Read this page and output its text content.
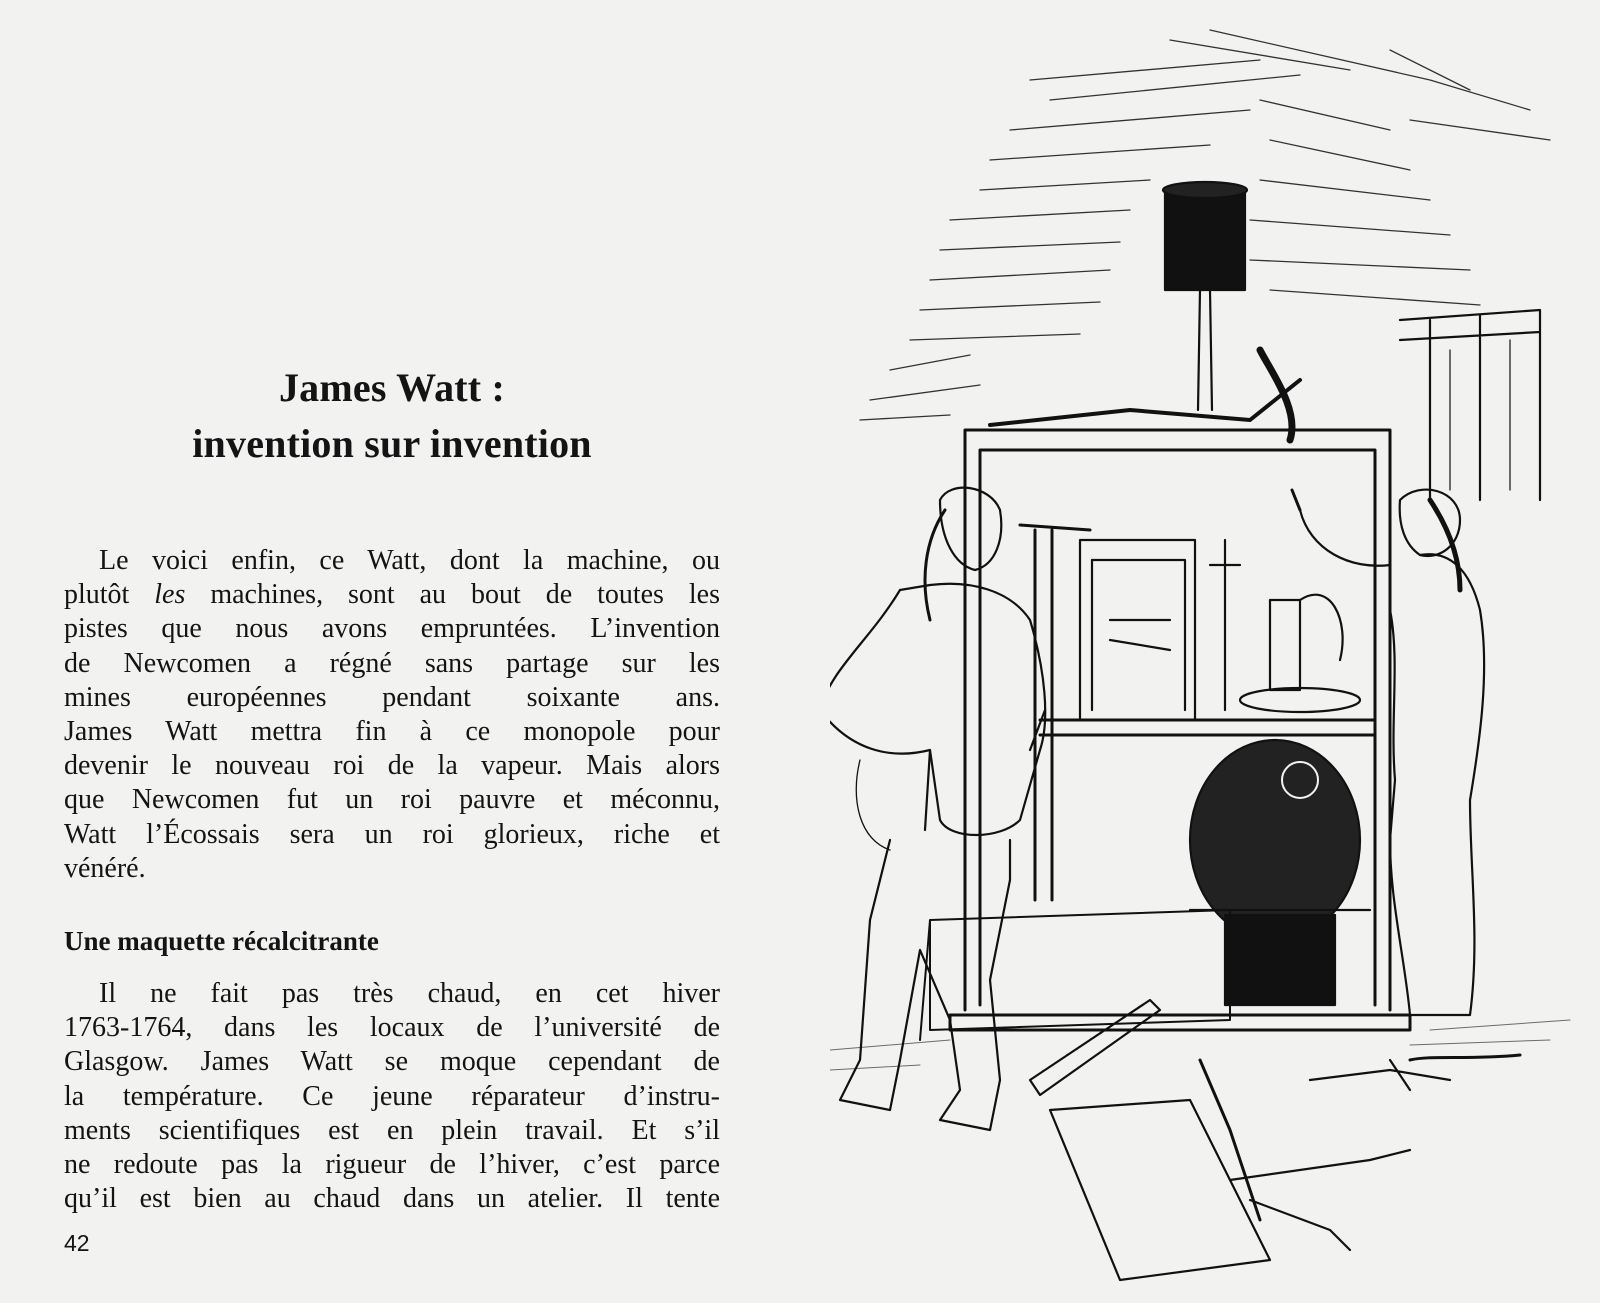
James Watt :
invention sur invention
Le voici enfin, ce Watt, dont la machine, ou
plutôt les machines, sont au bout de toutes les
pistes que nous avons empruntées. L’invention
de Newcomen a régné sans partage sur les
mines européennes pendant soixante ans.
James Watt mettra fin à ce monopole pour
devenir le nouveau roi de la vapeur. Mais alors
que Newcomen fut un roi pauvre et méconnu,
Watt l’Écossais sera un roi glorieux, riche et
vénéré.
Une maquette récalcitrante
Il ne fait pas très chaud, en cet hiver
1763-1764, dans les locaux de l’université de
Glasgow. James Watt se moque cependant de
la température. Ce jeune réparateur d’instru-
ments scientifiques est en plein travail. Et s’il
ne redoute pas la rigueur de l’hiver, c’est parce
qu’il est bien au chaud dans un atelier. Il tente
42
